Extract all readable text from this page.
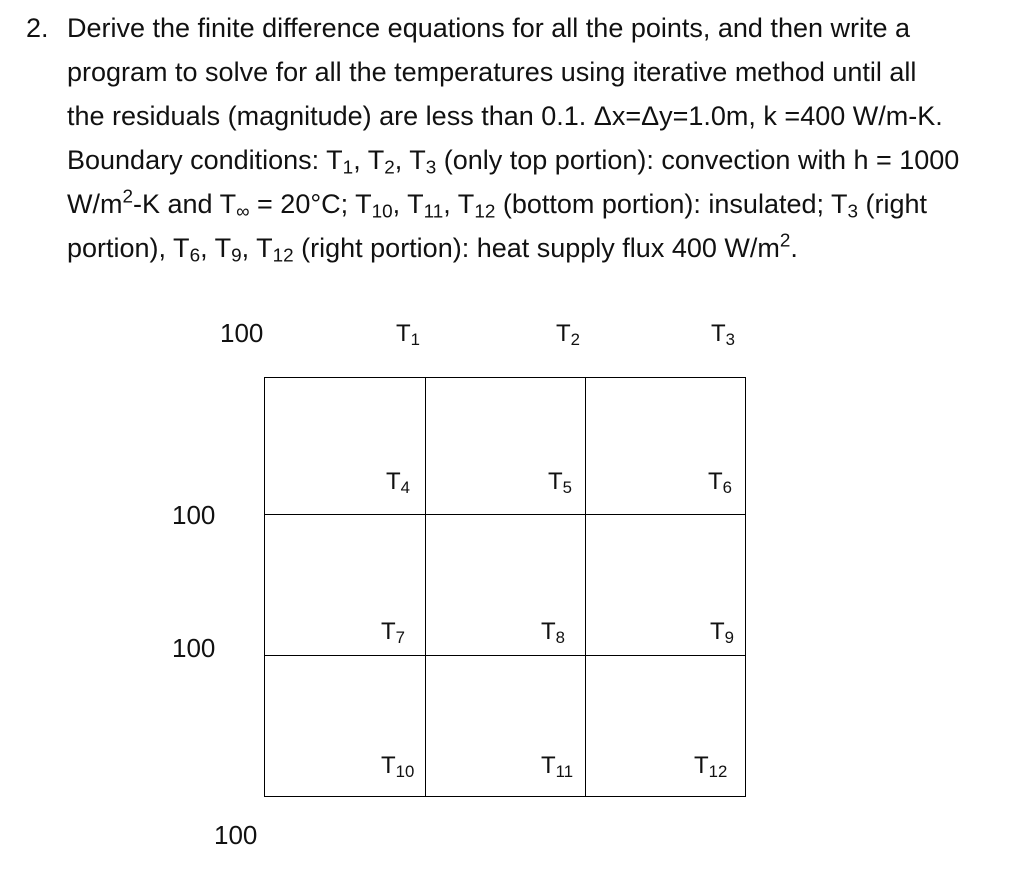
2. Derive the finite difference equations for all the points, and then write a
program to solve for all the temperatures using iterative method until all
the residuals (magnitude) are less than 0.1. Δx=Δy=1.0m, k =400 W/m-K.
Boundary conditions: $T_1$, $T_2$, $T_3$ (only top portion): convection with h = 1000
$W/m^2-K$ and $T_\infty = 20^\circ C$; $T_{10}$, $T_{11}$, $T_{12}$ (bottom portion): insulated; $T_3$ (right
portion), $T_6$, $T_9$, $T_{12}$ (right portion): heat supply flux 400 $W/m^2$.
100
100
100
100
$T_1$	$T_2$	$T_3$
$T_4$	$T_5$	$T_6$
$T_7$	$T_8$	$T_9$
$T_{10}$	$T_{11}$	$T_{12}$
